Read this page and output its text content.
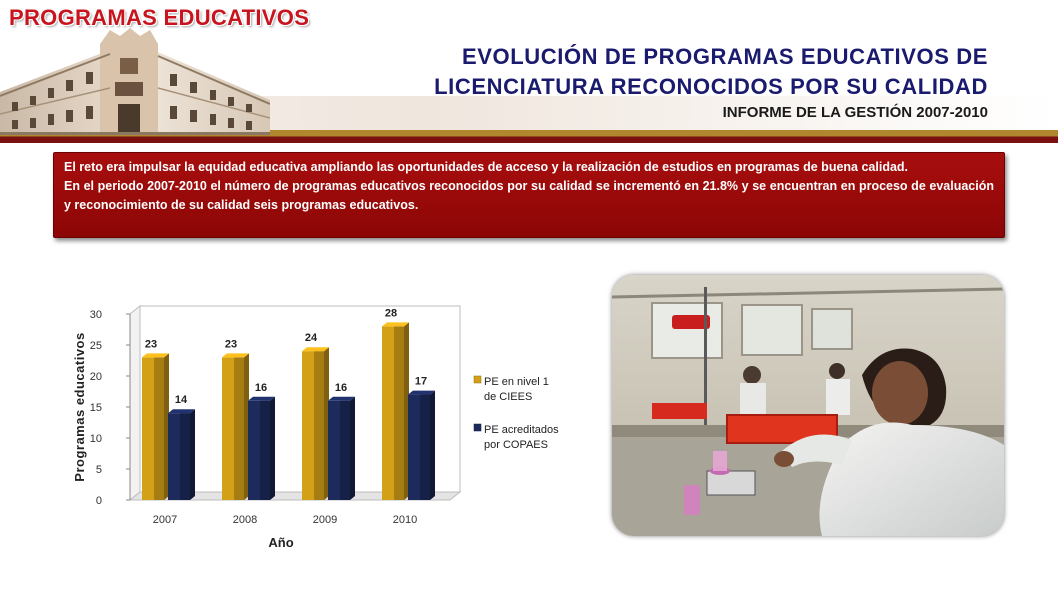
PROGRAMAS EDUCATIVOS
EVOLUCIÓN DE PROGRAMAS EDUCATIVOS DE
LICENCIATURA RECONOCIDOS POR SU CALIDAD
INFORME DE LA GESTIÓN 2007-2010
El reto era impulsar la equidad educativa ampliando las oportunidades de acceso y la realización de estudios en programas de buena calidad.
En el periodo 2007-2010 el número de programas educativos reconocidos por su calidad se incrementó en 21.8% y se encuentran en proceso de evaluación y reconocimiento de su calidad seis programas educativos.
0
5
10
15
20
25
30
Programas educativos	23
14
2007
23
16
2008
24
16
2009
28
17
2010
Año
PE en nivel 1 de CIEES
PE acreditados por COPAES
